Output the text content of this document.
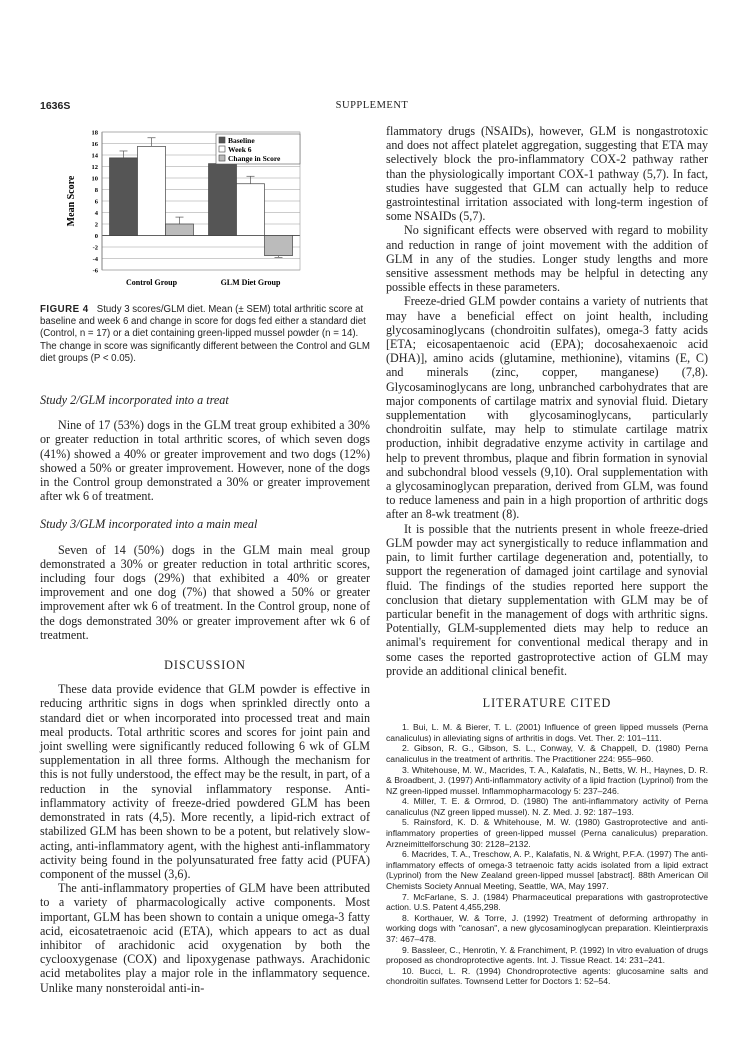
1636S	SUPPLEMENT
-6
-4
-2
0
2
4
6
8
10
12
14
16
18
Mean Score
Control Group	GLM Diet Group
Baseline
Week 6
Change in Score

FIGURE 4 Study 3 scores/GLM diet. Mean (± SEM) total arthritic score at baseline and week 6 and change in score for dogs fed either a standard diet (Control, n = 17) or a diet containing green-lipped mussel powder (n = 14). The change in score was significantly different between the Control and GLM diet groups (P < 0.05).

Study 2/GLM incorporated into a treat

Nine of 17 (53%) dogs in the GLM treat group exhibited a 30% or greater reduction in total arthritic scores, of which seven dogs (41%) showed a 40% or greater improvement and two dogs (12%) showed a 50% or greater improvement. However, none of the dogs in the Control group demonstrated a 30% or greater improvement after wk 6 of treatment.

Study 3/GLM incorporated into a main meal

Seven of 14 (50%) dogs in the GLM main meal group demonstrated a 30% or greater reduction in total arthritic scores, including four dogs (29%) that exhibited a 40% or greater improvement and one dog (7%) that showed a 50% or greater improvement after wk 6 of treatment. In the Control group, none of the dogs demonstrated 30% or greater improvement after wk 6 of treatment.

DISCUSSION

These data provide evidence that GLM powder is effective in reducing arthritic signs in dogs when sprinkled directly onto a standard diet or when incorporated into processed treat and main meal products. Total arthritic scores and scores for joint pain and joint swelling were significantly reduced following 6 wk of GLM supplementation in all three forms. Although the mechanism for this is not fully understood, the effect may be the result, in part, of a reduction in the synovial inflammatory response. Anti-inflammatory activity of freeze-dried powdered GLM has been demonstrated in rats (4,5). More recently, a lipid-rich extract of stabilized GLM has been shown to be a potent, but relatively slow-acting, anti-inflammatory agent, with the highest anti-inflammatory activity being found in the polyunsaturated free fatty acid (PUFA) component of the mussel (3,6).

The anti-inflammatory properties of GLM have been attributed to a variety of pharmacologically active components. Most important, GLM has been shown to contain a unique omega-3 fatty acid, eicosatetraenoic acid (ETA), which appears to act as dual inhibitor of arachidonic acid oxygenation by both the cyclooxygenase (COX) and lipoxygenase pathways. Arachidonic acid metabolites play a major role in the inflammatory sequence. Unlike many nonsteroidal anti-in-

flammatory drugs (NSAIDs), however, GLM is nongastrotoxic and does not affect platelet aggregation, suggesting that ETA may selectively block the pro-inflammatory COX-2 pathway rather than the physiologically important COX-1 pathway (5,7). In fact, studies have suggested that GLM can actually help to reduce gastrointestinal irritation associated with long-term ingestion of some NSAIDs (5,7).

No significant effects were observed with regard to mobility and reduction in range of joint movement with the addition of GLM in any of the studies. Longer study lengths and more sensitive assessment methods may be helpful in detecting any possible effects in these parameters.

Freeze-dried GLM powder contains a variety of nutrients that may have a beneficial effect on joint health, including glycosaminoglycans (chondroitin sulfates), omega-3 fatty acids [ETA; eicosapentaenoic acid (EPA); docosahexaenoic acid (DHA)], amino acids (glutamine, methionine), vitamins (E, C) and minerals (zinc, copper, manganese) (7,8). Glycosaminoglycans are long, unbranched carbohydrates that are major components of cartilage matrix and synovial fluid. Dietary supplementation with glycosaminoglycans, particularly chondroitin sulfate, may help to stimulate cartilage matrix production, inhibit degradative enzyme activity in cartilage and help to prevent thrombus, plaque and fibrin formation in synovial and subchondral blood vessels (9,10). Oral supplementation with a glycosaminoglycan preparation, derived from GLM, was found to reduce lameness and pain in a high proportion of arthritic dogs after an 8-wk treatment (8).

It is possible that the nutrients present in whole freeze-dried GLM powder may act synergistically to reduce inflammation and pain, to limit further cartilage degeneration and, potentially, to support the regeneration of damaged joint cartilage and synovial fluid. The findings of the studies reported here support the conclusion that dietary supplementation with GLM may be of particular benefit in the management of dogs with arthritic signs. Potentially, GLM-supplemented diets may help to reduce an animal's requirement for conventional medical therapy and in some cases the reported gastroprotective action of GLM may provide an additional clinical benefit.

LITERATURE CITED
1. Bui, L. M. & Bierer, T. L. (2001) Influence of green lipped mussels (Perna canaliculus) in alleviating signs of arthritis in dogs. Vet. Ther. 2: 101–111.
2. Gibson, R. G., Gibson, S. L., Conway, V. & Chappell, D. (1980) Perna canaliculus in the treatment of arthritis. The Practitioner 224: 955–960.
3. Whitehouse, M. W., Macrides, T. A., Kalafatis, N., Betts, W. H., Haynes, D. R. & Broadbent, J. (1997) Anti-inflammatory activity of a lipid fraction (Lyprinol) from the NZ green-lipped mussel. Inflammopharmacology 5: 237–246.
4. Miller, T. E. & Ormrod, D. (1980) The anti-inflammatory activity of Perna canaliculus (NZ green lipped mussel). N. Z. Med. J. 92: 187–193.
5. Rainsford, K. D. & Whitehouse, M. W. (1980) Gastroprotective and anti-inflammatory properties of green-lipped mussel (Perna canaliculus) preparation. Arzneimittelforschung 30: 2128–2132.
6. Macrides, T. A., Treschow, A. P., Kalafatis, N. & Wright, P.F.A. (1997) The anti-inflammatory effects of omega-3 tetraenoic fatty acids isolated from a lipid extract (Lyprinol) from the New Zealand green-lipped mussel [abstract]. 88th American Oil Chemists Society Annual Meeting, Seattle, WA, May 1997.
7. McFarlane, S. J. (1984) Pharmaceutical preparations with gastroprotective action. U.S. Patent 4,455,298.
8. Korthauer, W. & Torre, J. (1992) Treatment of deforming arthropathy in working dogs with "canosan", a new glycosaminoglycan preparation. Kleintierpraxis 37: 467–478.
9. Bassleer, C., Henrotin, Y. & Franchiment, P. (1992) In vitro evaluation of drugs proposed as chondroprotective agents. Int. J. Tissue React. 14: 231–241.
10. Bucci, L. R. (1994) Chondroprotective agents: glucosamine salts and chondroitin sulfates. Townsend Letter for Doctors 1: 52–54.
